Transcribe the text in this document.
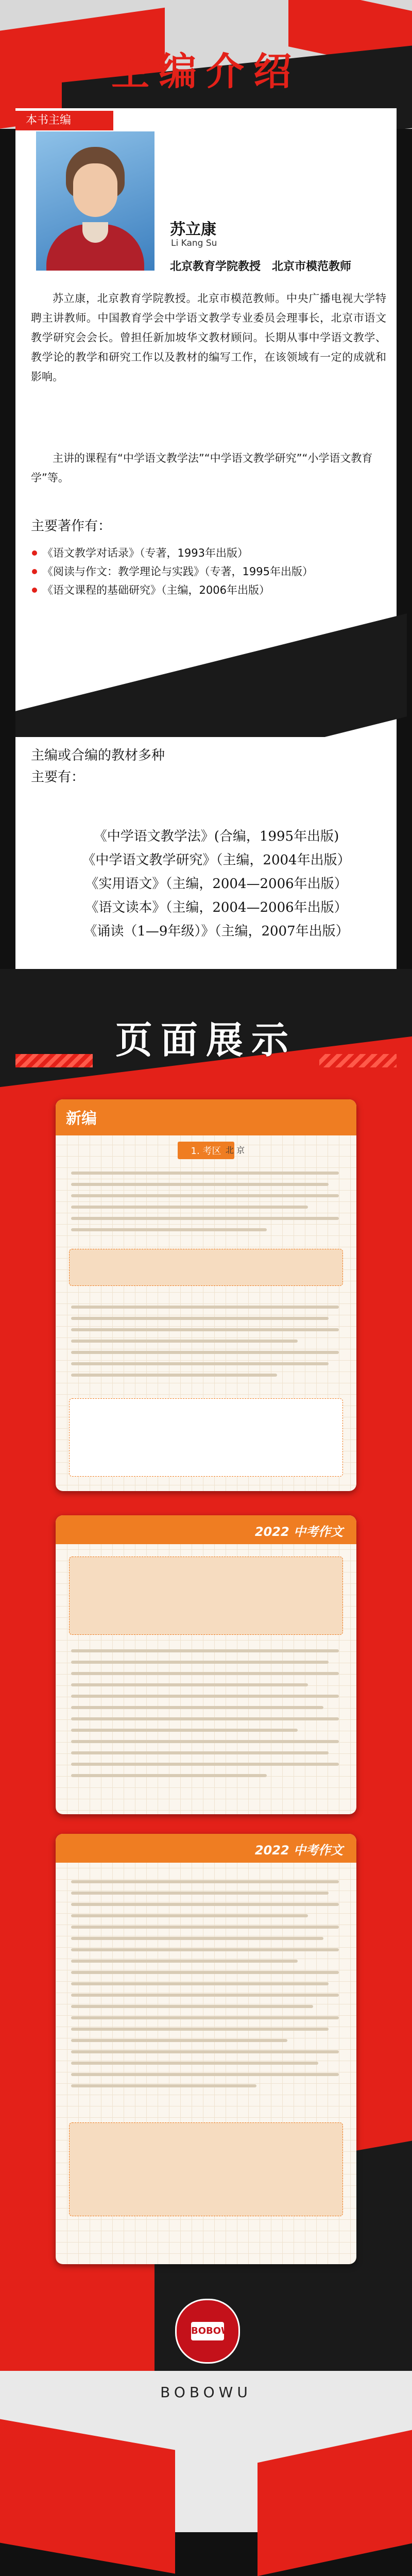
主编介绍
本书主编
苏立康
Li Kang Su
北京教育学院教授　北京市模范教师
苏立康，北京教育学院教授。北京市模范教师。中央广播电视大学特聘主讲教师。中国教育学会中学语文教学专业委员会理事长，北京市语文教学研究会会长。曾担任新加坡华文教材顾问。长期从事中学语文教学、教学论的教学和研究工作以及教材的编写工作，在该领域有一定的成就和影响。
主讲的课程有“中学语文教学法”“中学语文教学研究”“小学语文教育学”等。
主要著作有：
《语文教学对话录》（专著，1993年出版）
《阅读与作文：教学理论与实践》（专著，1995年出版）
《语文课程的基础研究》（主编，2006年出版）
主编或合编的教材多种
主要有：
《中学语文教学法》(合编，1995年出版)
《中学语文教学研究》（主编，2004年出版）
《实用语文》（主编，2004—2006年出版）
《语文读本》（主编，2004—2006年出版）
《诵读（1—9年级）》（主编，2007年出版）
页面展示
新编
1. 考区 北 京
2022 中考作文
2022 中考作文
BOBOWU
BOBOWU
